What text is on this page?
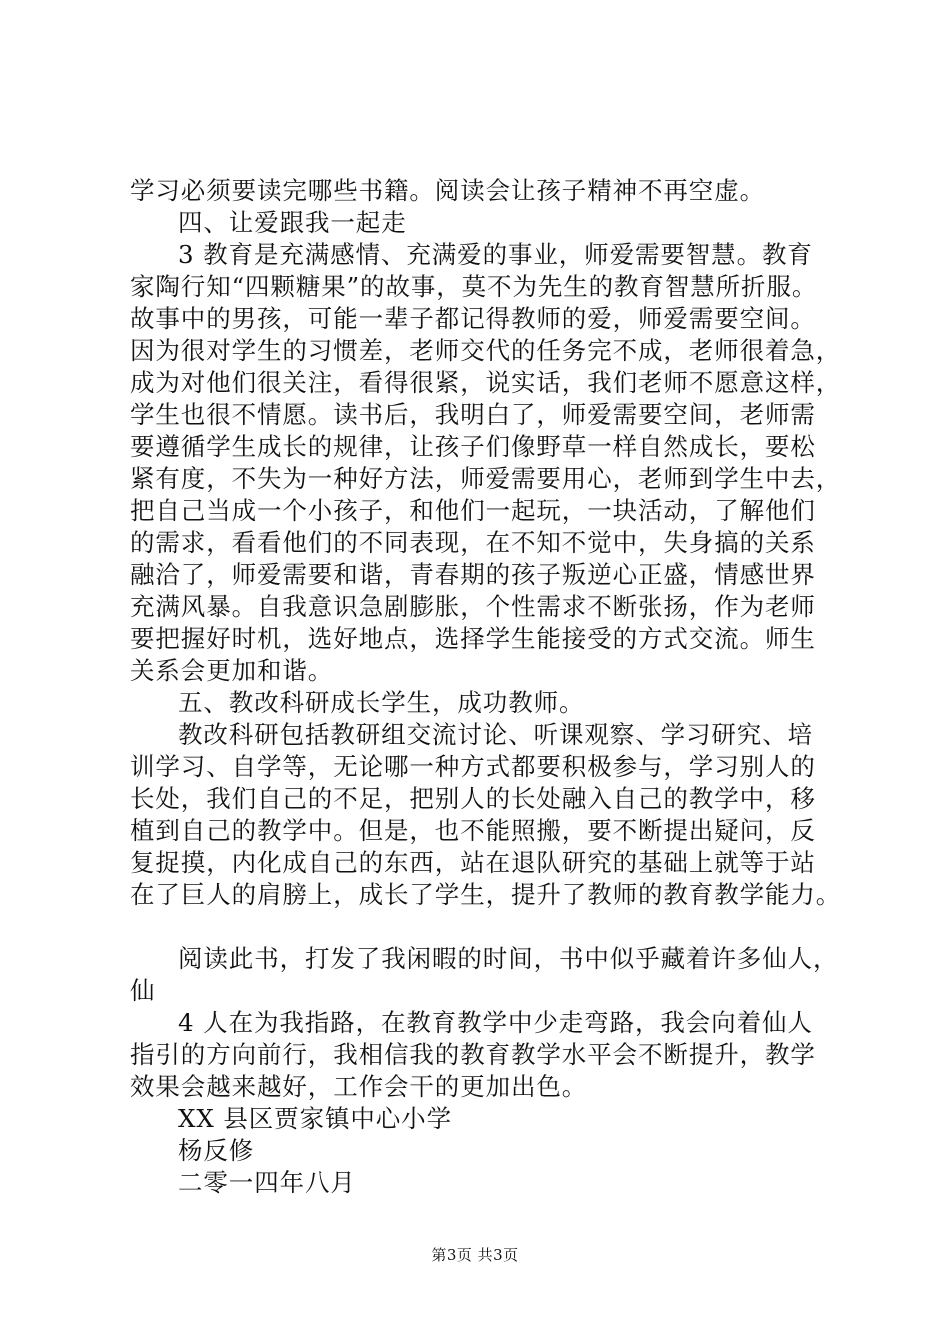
学习必须要读完哪些书籍。阅读会让孩子精神不再空虚。
四、让爱跟我一起走
3 教育是充满感情、充满爱的事业，师爱需要智慧。教育
家陶行知“四颗糖果”的故事，莫不为先生的教育智慧所折服。
故事中的男孩，可能一辈子都记得教师的爱，师爱需要空间。
因为很对学生的习惯差，老师交代的任务完不成，老师很着急，
成为对他们很关注，看得很紧，说实话，我们老师不愿意这样，
学生也很不情愿。读书后，我明白了，师爱需要空间，老师需
要遵循学生成长的规律，让孩子们像野草一样自然成长，要松
紧有度，不失为一种好方法，师爱需要用心，老师到学生中去，
把自己当成一个小孩子，和他们一起玩，一块活动，了解他们
的需求，看看他们的不同表现，在不知不觉中，失身搞的关系
融洽了，师爱需要和谐，青春期的孩子叛逆心正盛，情感世界
充满风暴。自我意识急剧膨胀，个性需求不断张扬，作为老师
要把握好时机，选好地点，选择学生能接受的方式交流。师生
关系会更加和谐。
五、教改科研成长学生，成功教师。
教改科研包括教研组交流讨论、听课观察、学习研究、培
训学习、自学等，无论哪一种方式都要积极参与，学习别人的
长处，我们自己的不足，把别人的长处融入自己的教学中，移
植到自己的教学中。但是，也不能照搬，要不断提出疑问，反
复捉摸，内化成自己的东西，站在退队研究的基础上就等于站
在了巨人的肩膀上，成长了学生，提升了教师的教育教学能力。
阅读此书，打发了我闲暇的时间，书中似乎藏着许多仙人，
仙
4 人在为我指路，在教育教学中少走弯路，我会向着仙人
指引的方向前行，我相信我的教育教学水平会不断提升，教学
效果会越来越好，工作会干的更加出色。
XX 县区贾家镇中心小学
杨反修
二零一四年八月
第3页 共3页
